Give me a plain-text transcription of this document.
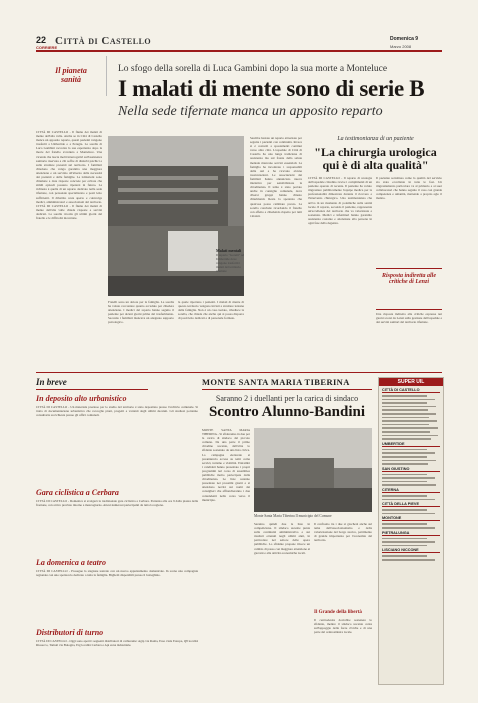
22
CORRIERE
Città di Castello	Domenica 9
Marzo 2008
Il pianeta
sanità
Lo sfogo della sorella di Luca Gambini dopo la sua morte a Monteluce
I malati di mente sono di serie B
Nella sede tifernate manca un apposito reparto
CITTÀ DI CASTELLO - Il fiume dei malati di mente dell'alta valle. Anche se in Città di Castello manca un apposito reparto, questi pazienti vengono trasferiti a Umbertide o a Perugia. La sorella di Luca Gambini racconta la sua esperienza dopo la morte del fratello avvenuta a Monteluce. Una vicenda che lascia molti interrogativi sull'assistenza sanitaria riservata a chi soffre di disturbi psichici e sulle strutture presenti sul territorio. I familiari chiedono che venga garantita una maggiore attenzione e un servizio all'altezza delle necessità dei pazienti e delle famiglie. Le istituzioni sono chiamate a dare risposte concrete per evitare che simili episodi possano ripetersi in futuro. La richiesta è quella di un reparto dedicato nella sede tifernate, con personale specializzato e posti letto sufficienti. Il dibattito resta aperto e coinvolge medici, amministratori e associazioni del territorio. CITTÀ DI CASTELLO - Il fiume dei malati di mente dell'alta valle chiede risposte e servizi dedicati. La sorella ricorda gli ultimi giorni del fratello e le difficoltà incontrate.
Malati mentali
Il reparto "Goretti" ad Umbertide dove vengono trasferiti i malati del territorio tifernate
Fratelli sono un dolore per la famiglia. La sorella ha voluto raccontare quanto accaduto per chiedere attenzione. I medici del reparto hanno seguito il paziente per alcuni giorni prima del trasferimento. Secondo i familiari mancava un adeguato supporto psicologico.
la quale riportano i pazienti. I malati di mente di questo territorio vengono inviati a strutture lontane dalla famiglia. Non è un caso isolato, ribadisce la sorella, che chiede che anche qui si possa disporre di posti letto dedicati e di personale formato.
Sarebbe bastato un reparto attrezzato per seguire i pazienti con continuità. Invece si è costretti a spostamenti continui verso altre città. L'ospedale di Città di Castello ha una lunga tradizione di assistenza ma sul fronte della salute mentale mancano servizi essenziali. La famiglia ha incontrato i responsabili della Asl e ha ricevuto alcune rassicurazioni. Le associazioni dei familiari hanno annunciato nuove iniziative per sensibilizzare la cittadinanza. Il tema è stato portato anche in consiglio comunale, dove diversi gruppi hanno chiesto chiarimenti. Resta la speranza che qualcosa possa cambiare presto. La sorella conclude ricordando il fratello con affetto e chiedendo rispetto per tutti i malati.
La testimonianza di un paziente
"La chirurgia urologica qui è di alta qualità"
CITTÀ DI CASTELLO - Il reparto di urologia dell'ospedale cittadino riceve i complimenti di un paziente operato di recente. Il paziente ha voluto ringraziare pubblicamente l'equipe medica per la professionalità dimostrata durante il ricovero e l'intervento chirurgico. Una testimonianza che arriva in un momento di polemiche sulla sanità locale. Il reparto, secondo il paziente, rappresenta un'eccellenza del territorio che va valorizzata e sostenuta. Medici e infermieri hanno garantito assistenza costante e attenzione alla persona in ogni fase della degenza.
Risposta indiretta alle critiche di Lenzi
Il paziente sottolinea come la qualità del servizio sia stata eccellente in tutte le fasi. Un ringraziamento particolare va al primario e ai suoi collaboratori che hanno seguito il caso con grande competenza e umanità, mettendo a proprio agio il malato.
Una risposta indiretta alle critiche espresse nei giorni scorsi da Lenzi sulla gestione dell'ospedale e dei servizi sanitari del territorio tifernate.
In breve
In deposito alto urbanistico
CITTÀ DI CASTELLO - Un materiale prezioso per lo studio del territorio è stato depositato presso l'archivio comunale. Si tratta di documentazione urbanistica che raccoglie piani, progetti e varianti degli ultimi decenni. Gli studiosi potranno consultarla su richiesta presso gli uffici comunali.
Gara ciclistica a Cerbara
CITTÀ DI CASTELLO - Domenica si svolgerà la tradizionale gara ciclistica a Cerbara. Partenza alle ore 9 dalla piazza della frazione, con arrivo previsto intorno a mezzogiorno. Attesi numerosi partecipanti da tutta la regione.
La domenica a teatro
CITTÀ DI CASTELLO - Prosegue la stagione teatrale con un nuovo appuntamento domenicale. In scena una compagnia regionale con uno spettacolo dedicato a tutta la famiglia. Biglietti disponibili presso il botteghino.
Distributori di turno
CITTÀ DI CASTELLO - Oggi sono aperti i seguenti distributori di carburante: Agip via Roma, Esso viale Europa, Q8 località Riosecco, Tamoil via Bologna, Erg località Cerbara e Api zona industriale.
MONTE SANTA MARIA TIBERINA
Saranno 2 i duellanti per la carica di sindaco
Scontro Alunno-Bandini
MONTE SANTA MARIA TIBERINA - Si sfideranno in due per la carica di sindaco del piccolo comune. Da una parte il primo cittadino uscente, dall'altra lo sfidante sostenuto da una lista civica. La campagna elettorale si preannuncia accesa su temi come servizi, turismo e viabilità. Entrambi i candidati hanno presentato i propri programmi nel corso di assemblee pubbliche molto partecipate dalla cittadinanza. Le liste saranno presentate nei prossimi giorni e si attendono novità sui nomi dei consiglieri che affiancheranno i due contendenti nella corsa verso il municipio.
Monte Santa Maria Tiberina Il municipio del Comune
Saranno quindi due le liste in competizione. Il sindaco uscente punta sulla continuità amministrativa e sui risultati ottenuti negli ultimi anni, in particolare nel settore delle opere pubbliche. Lo sfidante propone invece un cambio di passo con maggiore attenzione ai giovani e alle attività economiche locali.
Il confronto tra i due si giocherà anche sul tema dell'associazionismo e della valorizzazione del borgo storico, patrimonio di grande importanza per l'economia del territorio.
Il Grande della libertà
Il centrodestra dovrebbe sostenere lo sfidante, mentre il sindaco uscente conta sull'appoggio delle forze civiche e di una parte del centrosinistra locale.
SUPER UIL
CITTÀ DI CASTELLO
UMBERTIDE
SAN GIUSTINO
CITERNA
CITTÀ DELLA PIEVE
MONTONE
PIETRALUNGA
LISCIANO NICCONE
